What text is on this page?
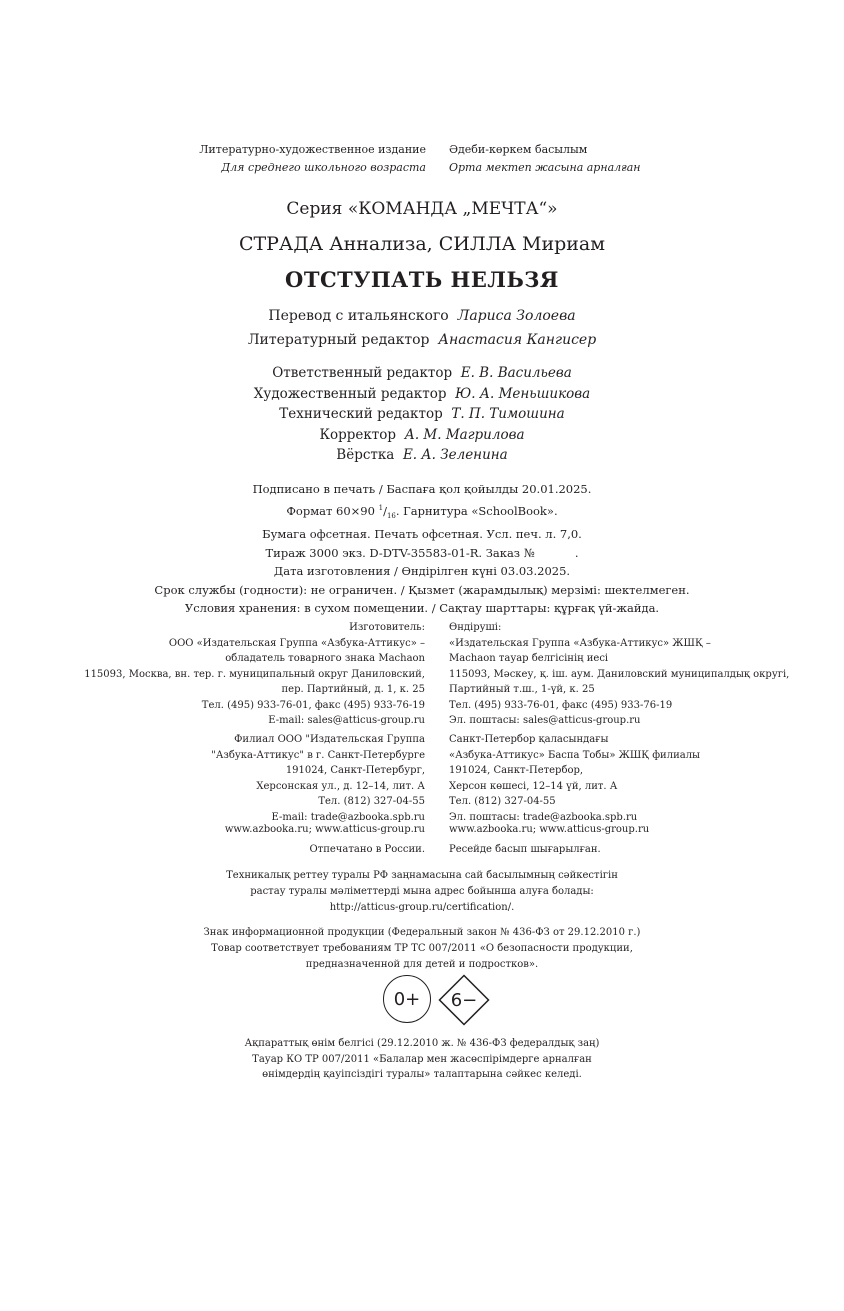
Литературно-художественное издание Әдеби-көркем басылым
Для среднего школьного возраста Орта мектеп жасына арналған
Серия «КОМАНДА „МЕЧТА“»
СТРАДА Аннализа, СИЛЛА Мириам
ОТСТУПАТЬ НЕЛЬЗЯ
Перевод с итальянского Лариса Золоева
Литературный редактор Анастасия Кангисер
Ответственный редактор Е. В. Васильева
Художественный редактор Ю. А. Меньшикова
Технический редактор Т. П. Тимошина
Корректор А. М. Магрилова
Вёрстка Е. А. Зеленина
Подписано в печать / Баспаға қол қойылды 20.01.2025.
Формат 60×90 $^1/_{16}$. Гарнитура «SchoolBook».
Бумага офсетная. Печать офсетная. Усл. печ. л. 7,0.
Тираж 3000 экз. D-DTV-35583-01-R. Заказ №           .
Дата изготовления / Өндірілген күні 03.03.2025.
Срок службы (годности): не ограничен. / Қызмет (жарамдылық) мерзімі: шектелмеген.
Условия хранения: в сухом помещении. / Сақтау шарттары: құрғақ үй-жайда.
Изготовитель:
ООО «Издательская Группа «Азбука-Аттикус» –
обладатель товарного знака Machaon
115093, Москва, вн. тер. г. муниципальный округ Даниловский,
пер. Партийный, д. 1, к. 25
Тел. (495) 933-76-01, факс (495) 933-76-19
E-mail: sales@atticus-group.ru
Өндіруші:
«Издательская Группа «Азбука-Аттикус» ЖШҚ –
Machaon тауар белгісінің иесі
115093, Мәскеу, қ. іш. аум. Даниловский муниципалдық округі,
Партийный т.ш., 1-үй, к. 25
Тел. (495) 933-76-01, факс (495) 933-76-19
Эл. поштасы: sales@atticus-group.ru
Филиал ООО "Издательская Группа
"Азбука-Аттикус" в г. Санкт-Петербурге
191024, Санкт-Петербург,
Херсонская ул., д. 12–14, лит. А
Тел. (812) 327-04-55
E-mail: trade@azbooka.spb.ru
Санкт-Петербор қаласындағы
«Азбука-Аттикус» Баспа Тобы» ЖШҚ филиалы
191024, Санкт-Петербор,
Херсон көшесі, 12–14 үй, лит. А
Тел. (812) 327-04-55
Эл. поштасы: trade@azbooka.spb.ru
www.azbooka.ru; www.atticus-group.ru www.azbooka.ru; www.atticus-group.ru
Отпечатано в России. Ресейде басып шығарылған.
Техникалық реттеу туралы РФ заңнамасына сай басылымның сәйкестігін
растау туралы мәліметтерді мына адрес бойынша алуға болады:
http://atticus-group.ru/certification/.
Знак информационной продукции (Федеральный закон № 436-ФЗ от 29.12.2010 г.)
Товар соответствует требованиям ТР ТС 007/2011 «О безопасности продукции,
предназначенной для детей и подростков».
0+	6−
Ақпараттық өнім белгісі (29.12.2010 ж. № 436-ФЗ федералдық заң)
Тауар КО ТР 007/2011 «Балалар мен жасөспірімдерге арналған
өнімдердің қауіпсіздігі туралы» талаптарына сәйкес келеді.
